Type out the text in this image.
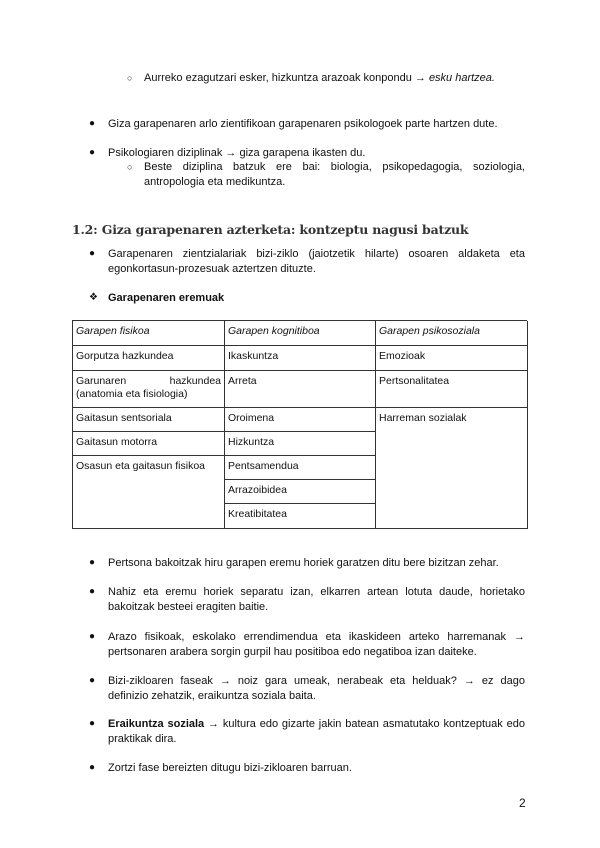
○ Aurreko ezagutzari esker, hizkuntza arazoak konpondu → esku hartzea.
● Giza garapenaren arlo zientifikoan garapenaren psikologoek parte hartzen dute.
● Psikologiaren diziplinak → giza garapena ikasten du.
○ Beste diziplina batzuk ere bai: biologia, psikopedagogia, soziologia, antropologia eta medikuntza.
1.2: Giza garapenaren azterketa: kontzeptu nagusi batzuk
● Garapenaren zientzialariak bizi-ziklo (jaiotzetik hilarte) osoaren aldaketa eta egonkortasun-prozesuak aztertzen dituzte.
❖ Garapenaren eremuak
Garapen fisikoa	Garapen kognitiboa	Garapen psikosoziala
Gorputza hazkundea
Garunaren hazkundea (anatomia eta fisiologia)
Gaitasun sentsoriala
Gaitasun motorra
Osasun eta gaitasun fisikoa
Ikaskuntza
Arreta
Oroimena
Hizkuntza
Pentsamendua
Arrazoibidea
Kreatibitatea
Emozioak
Pertsonalitatea
Harreman sozialak
● Pertsona bakoitzak hiru garapen eremu horiek garatzen ditu bere bizitzan zehar.
● Nahiz eta eremu horiek separatu izan, elkarren artean lotuta daude, horietako bakoitzak besteei eragiten baitie.
● Arazo fisikoak, eskolako errendimendua eta ikaskideen arteko harremanak → pertsonaren arabera sorgin gurpil hau positiboa edo negatiboa izan daiteke.
● Bizi-zikloaren faseak → noiz gara umeak, nerabeak eta helduak? → ez dago definizio zehatzik, eraikuntza soziala baita.
● Eraikuntza soziala → kultura edo gizarte jakin batean asmatutako kontzeptuak edo praktikak dira.
● Zortzi fase bereizten ditugu bizi-zikloaren barruan.
2
